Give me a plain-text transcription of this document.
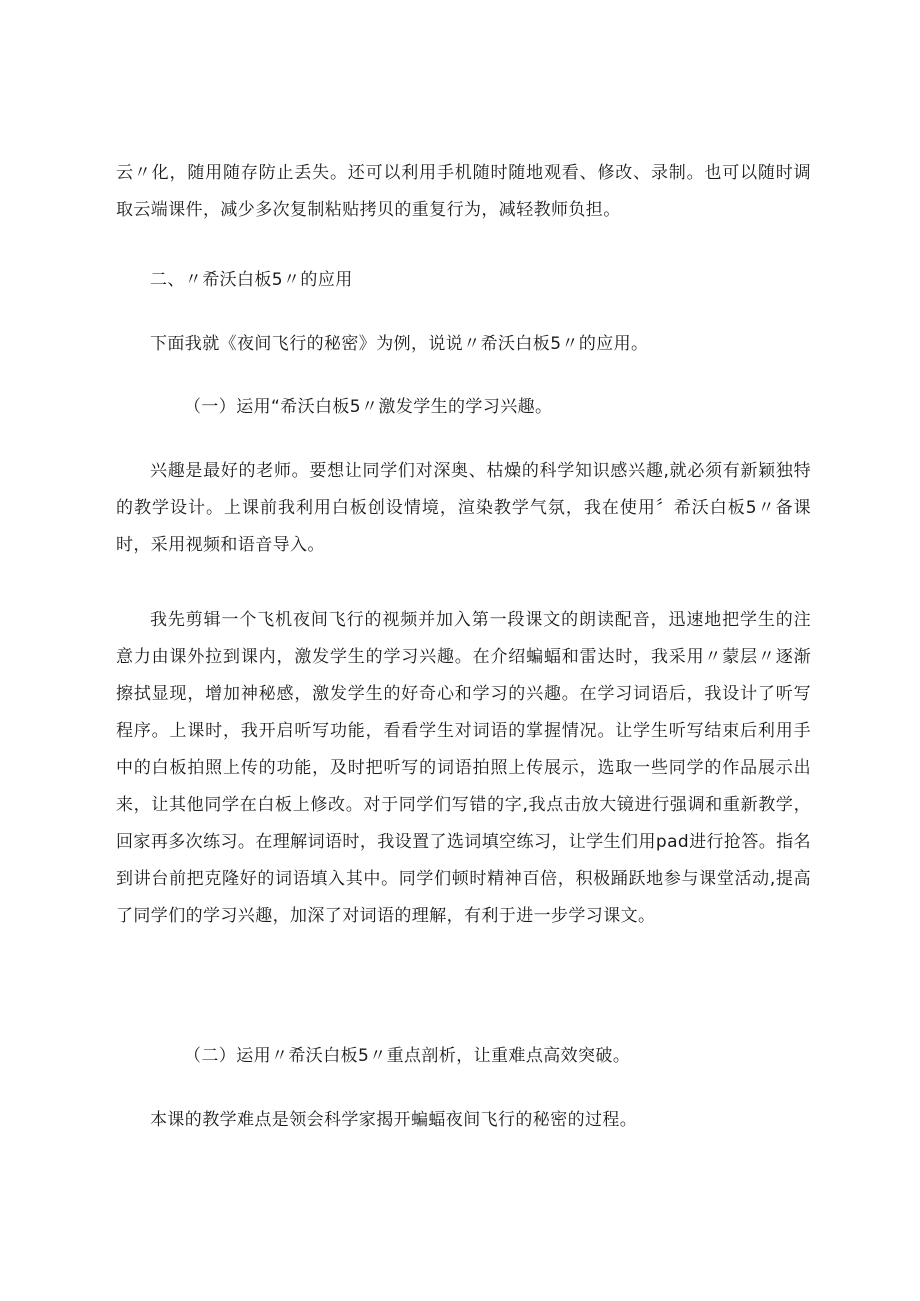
云〃化，随用随存防止丢失。还可以利用手机随时随地观看、修改、录制。也可以随时调取云端课件，减少多次复制粘贴拷贝的重复行为，减轻教师负担。

二、〃希沃白板5〃的应用

下面我就《夜间飞行的秘密》为例，说说〃希沃白板5〃的应用。

（一）运用“希沃白板5〃激发学生的学习兴趣。

兴趣是最好的老师。要想让同学们对深奥、枯燥的科学知识感兴趣,就必须有新颖独特的教学设计。上课前我利用白板创设情境，渲染教学气氛，我在使用〞希沃白板5〃备课时，采用视频和语音导入。

我先剪辑一个飞机夜间飞行的视频并加入第一段课文的朗读配音，迅速地把学生的注意力由课外拉到课内，激发学生的学习兴趣。在介绍蝙蝠和雷达时，我采用〃蒙层〃逐渐擦拭显现，增加神秘感，激发学生的好奇心和学习的兴趣。在学习词语后，我设计了听写程序。上课时，我开启听写功能，看看学生对词语的掌握情况。让学生听写结束后利用手中的白板拍照上传的功能，及时把听写的词语拍照上传展示，选取一些同学的作品展示出来，让其他同学在白板上修改。对于同学们写错的字,我点击放大镜进行强调和重新教学，回家再多次练习。在理解词语时，我设置了选词填空练习，让学生们用pad进行抢答。指名到讲台前把克隆好的词语填入其中。同学们顿时精神百倍，积极踊跃地参与课堂活动,提高了同学们的学习兴趣，加深了对词语的理解，有利于进一步学习课文。

（二）运用〃希沃白板5〃重点剖析，让重难点高效突破。

本课的教学难点是领会科学家揭开蝙蝠夜间飞行的秘密的过程。
